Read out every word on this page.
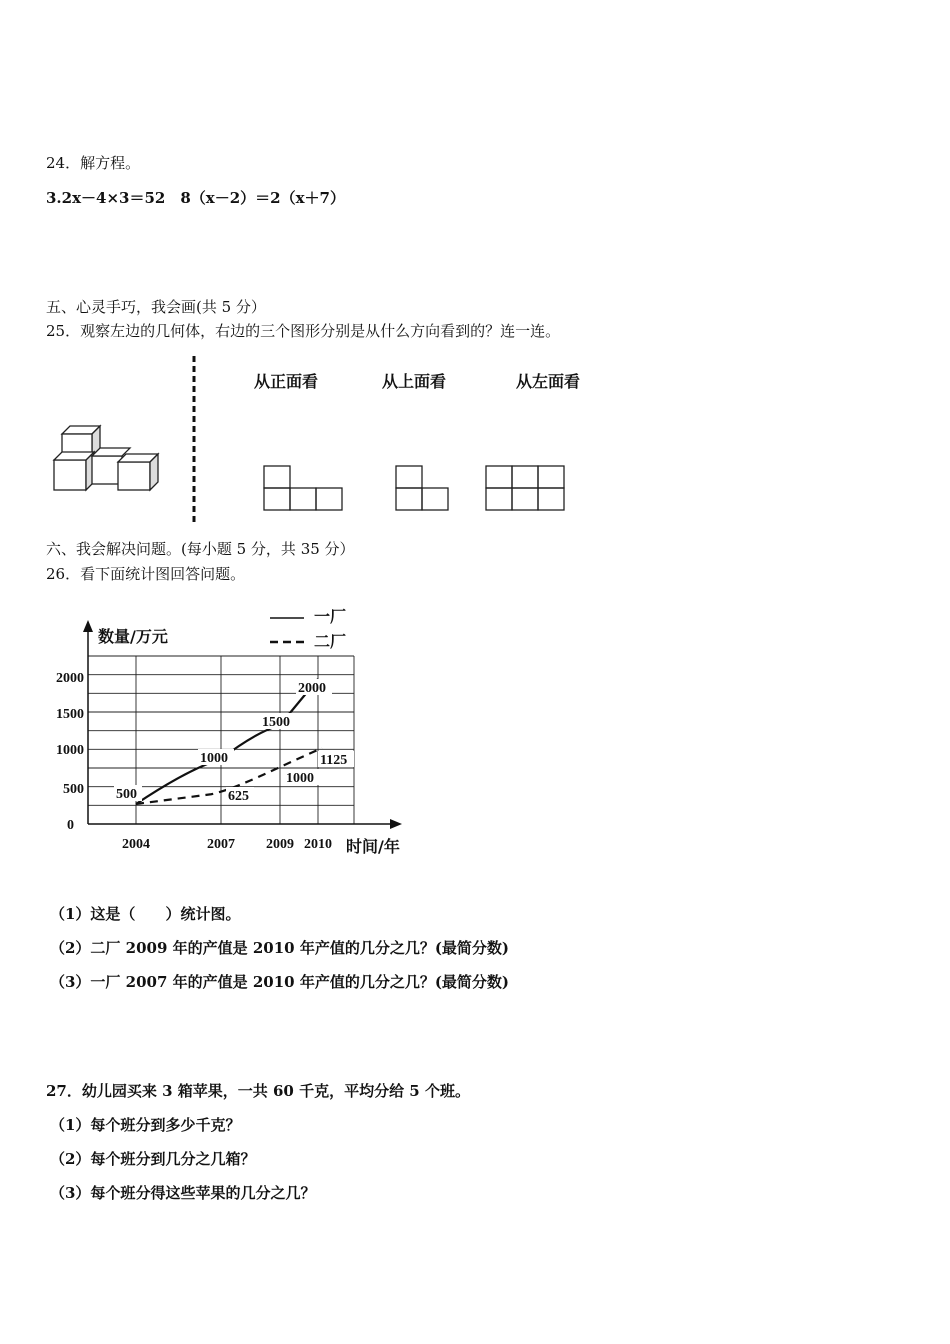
24．解方程。
3.2x－4×3＝52　8（x－2）＝2（x＋7）
五、心灵手巧，我会画(共 5 分）
25．观察左边的几何体，右边的三个图形分别是从什么方向看到的？连一连。
从正面看	从上面看	从左面看
六、我会解决问题。(每小题 5 分，共 35 分）
26．看下面统计图回答问题。
数量/万元
时间/年
一厂
二厂
0
500
1000
1500
2000
2004	2007 2009 2010
500
1000
1500
2000
625
1000
1125
（1）这是（　　）统计图。
（2）二厂 2009 年的产值是 2010 年产值的几分之几？(最简分数)
（3）一厂 2007 年的产值是 2010 年产值的几分之几？(最简分数)
27．幼儿园买来 3 箱苹果，一共 60 千克，平均分给 5 个班。
（1）每个班分到多少千克？
（2）每个班分到几分之几箱？
（3）每个班分得这些苹果的几分之几？
